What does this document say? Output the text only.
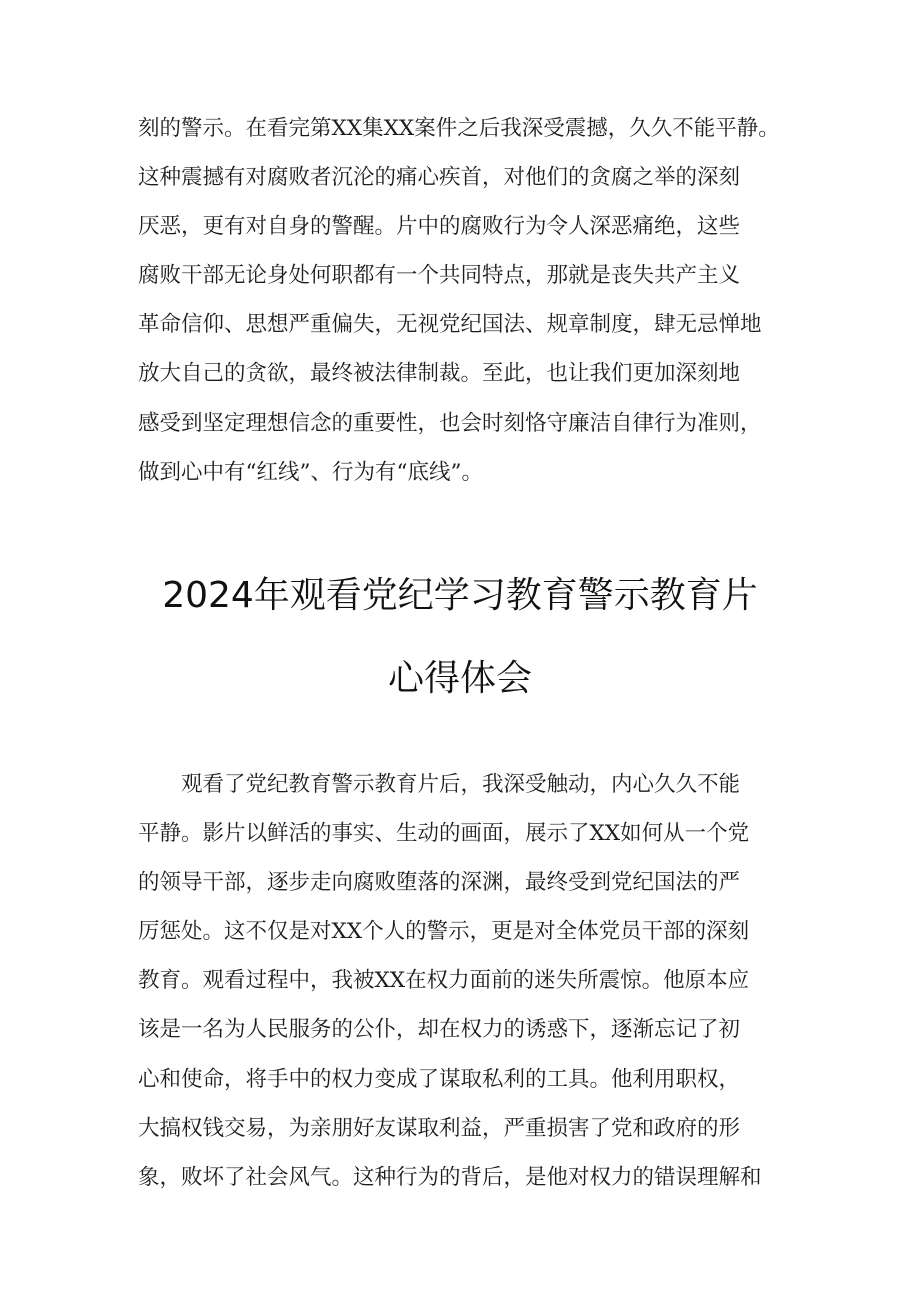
刻的警示。在看完第XX集XX案件之后我深受震撼，久久不能平静。
这种震撼有对腐败者沉沦的痛心疾首，对他们的贪腐之举的深刻
厌恶，更有对自身的警醒。片中的腐败行为令人深恶痛绝，这些
腐败干部无论身处何职都有一个共同特点，那就是丧失共产主义
革命信仰、思想严重偏失，无视党纪国法、规章制度，肆无忌惮地
放大自己的贪欲，最终被法律制裁。至此，也让我们更加深刻地
感受到坚定理想信念的重要性，也会时刻恪守廉洁自律行为准则，
做到心中有“红线”、行为有“底线”。
2024年观看党纪学习教育警示教育片
心得体会
　　观看了党纪教育警示教育片后，我深受触动，内心久久不能
平静。影片以鲜活的事实、生动的画面，展示了XX如何从一个党
的领导干部，逐步走向腐败堕落的深渊，最终受到党纪国法的严
厉惩处。这不仅是对XX个人的警示，更是对全体党员干部的深刻
教育。观看过程中，我被XX在权力面前的迷失所震惊。他原本应
该是一名为人民服务的公仆，却在权力的诱惑下，逐渐忘记了初
心和使命，将手中的权力变成了谋取私利的工具。他利用职权，
大搞权钱交易，为亲朋好友谋取利益，严重损害了党和政府的形
象，败坏了社会风气。这种行为的背后，是他对权力的错误理解和
